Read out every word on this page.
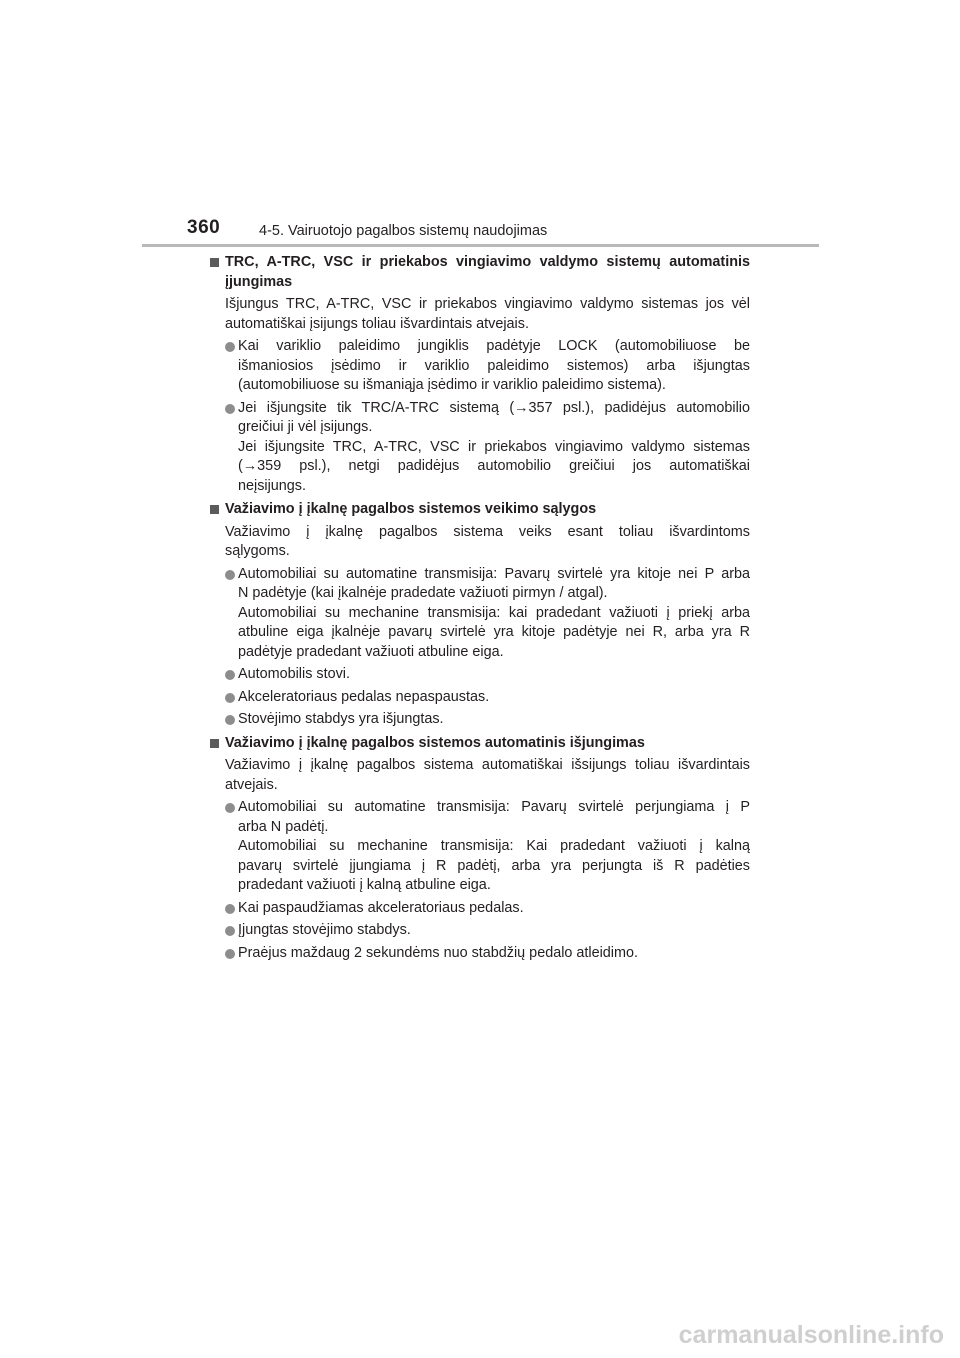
360	4-5. Vairuotojo pagalbos sistemų naudojimas
TRC, A-TRC, VSC ir priekabos vingiavimo valdymo sistemų automatinis
įjungimas
Išjungus TRC, A-TRC, VSC ir priekabos vingiavimo valdymo sistemas jos vėl
automatiškai įsijungs toliau išvardintais atvejais.
Kai variklio paleidimo jungiklis padėtyje LOCK (automobiliuose be
išmaniosios įsėdimo ir variklio paleidimo sistemos) arba išjungtas
(automobiliuose su išmaniąja įsėdimo ir variklio paleidimo sistema).
Jei išjungsite tik TRC/A-TRC sistemą (→357 psl.), padidėjus automobilio
greičiui ji vėl įsijungs.
Jei išjungsite TRC, A-TRC, VSC ir priekabos vingiavimo valdymo sistemas
(→359 psl.), netgi padidėjus automobilio greičiui jos automatiškai
neįsijungs.
Važiavimo į įkalnę pagalbos sistemos veikimo sąlygos
Važiavimo į įkalnę pagalbos sistema veiks esant toliau išvardintoms
sąlygoms.
Automobiliai su automatine transmisija: Pavarų svirtelė yra kitoje nei P arba
N padėtyje (kai įkalnėje pradedate važiuoti pirmyn / atgal).
Automobiliai su mechanine transmisija: kai pradedant važiuoti į priekį arba
atbuline eiga įkalnėje pavarų svirtelė yra kitoje padėtyje nei R, arba yra R
padėtyje pradedant važiuoti atbuline eiga.
Automobilis stovi.
Akceleratoriaus pedalas nepaspaustas.
Stovėjimo stabdys yra išjungtas.
Važiavimo į įkalnę pagalbos sistemos automatinis išjungimas
Važiavimo į įkalnę pagalbos sistema automatiškai išsijungs toliau išvardintais
atvejais.
Automobiliai su automatine transmisija: Pavarų svirtelė perjungiama į P
arba N padėtį.
Automobiliai su mechanine transmisija: Kai pradedant važiuoti į kalną
pavarų svirtelė įjungiama į R padėtį, arba yra perjungta iš R padėties
pradedant važiuoti į kalną atbuline eiga.
Kai paspaudžiamas akceleratoriaus pedalas.
Įjungtas stovėjimo stabdys.
Praėjus maždaug 2 sekundėms nuo stabdžių pedalo atleidimo.
carmanualsonline.info
